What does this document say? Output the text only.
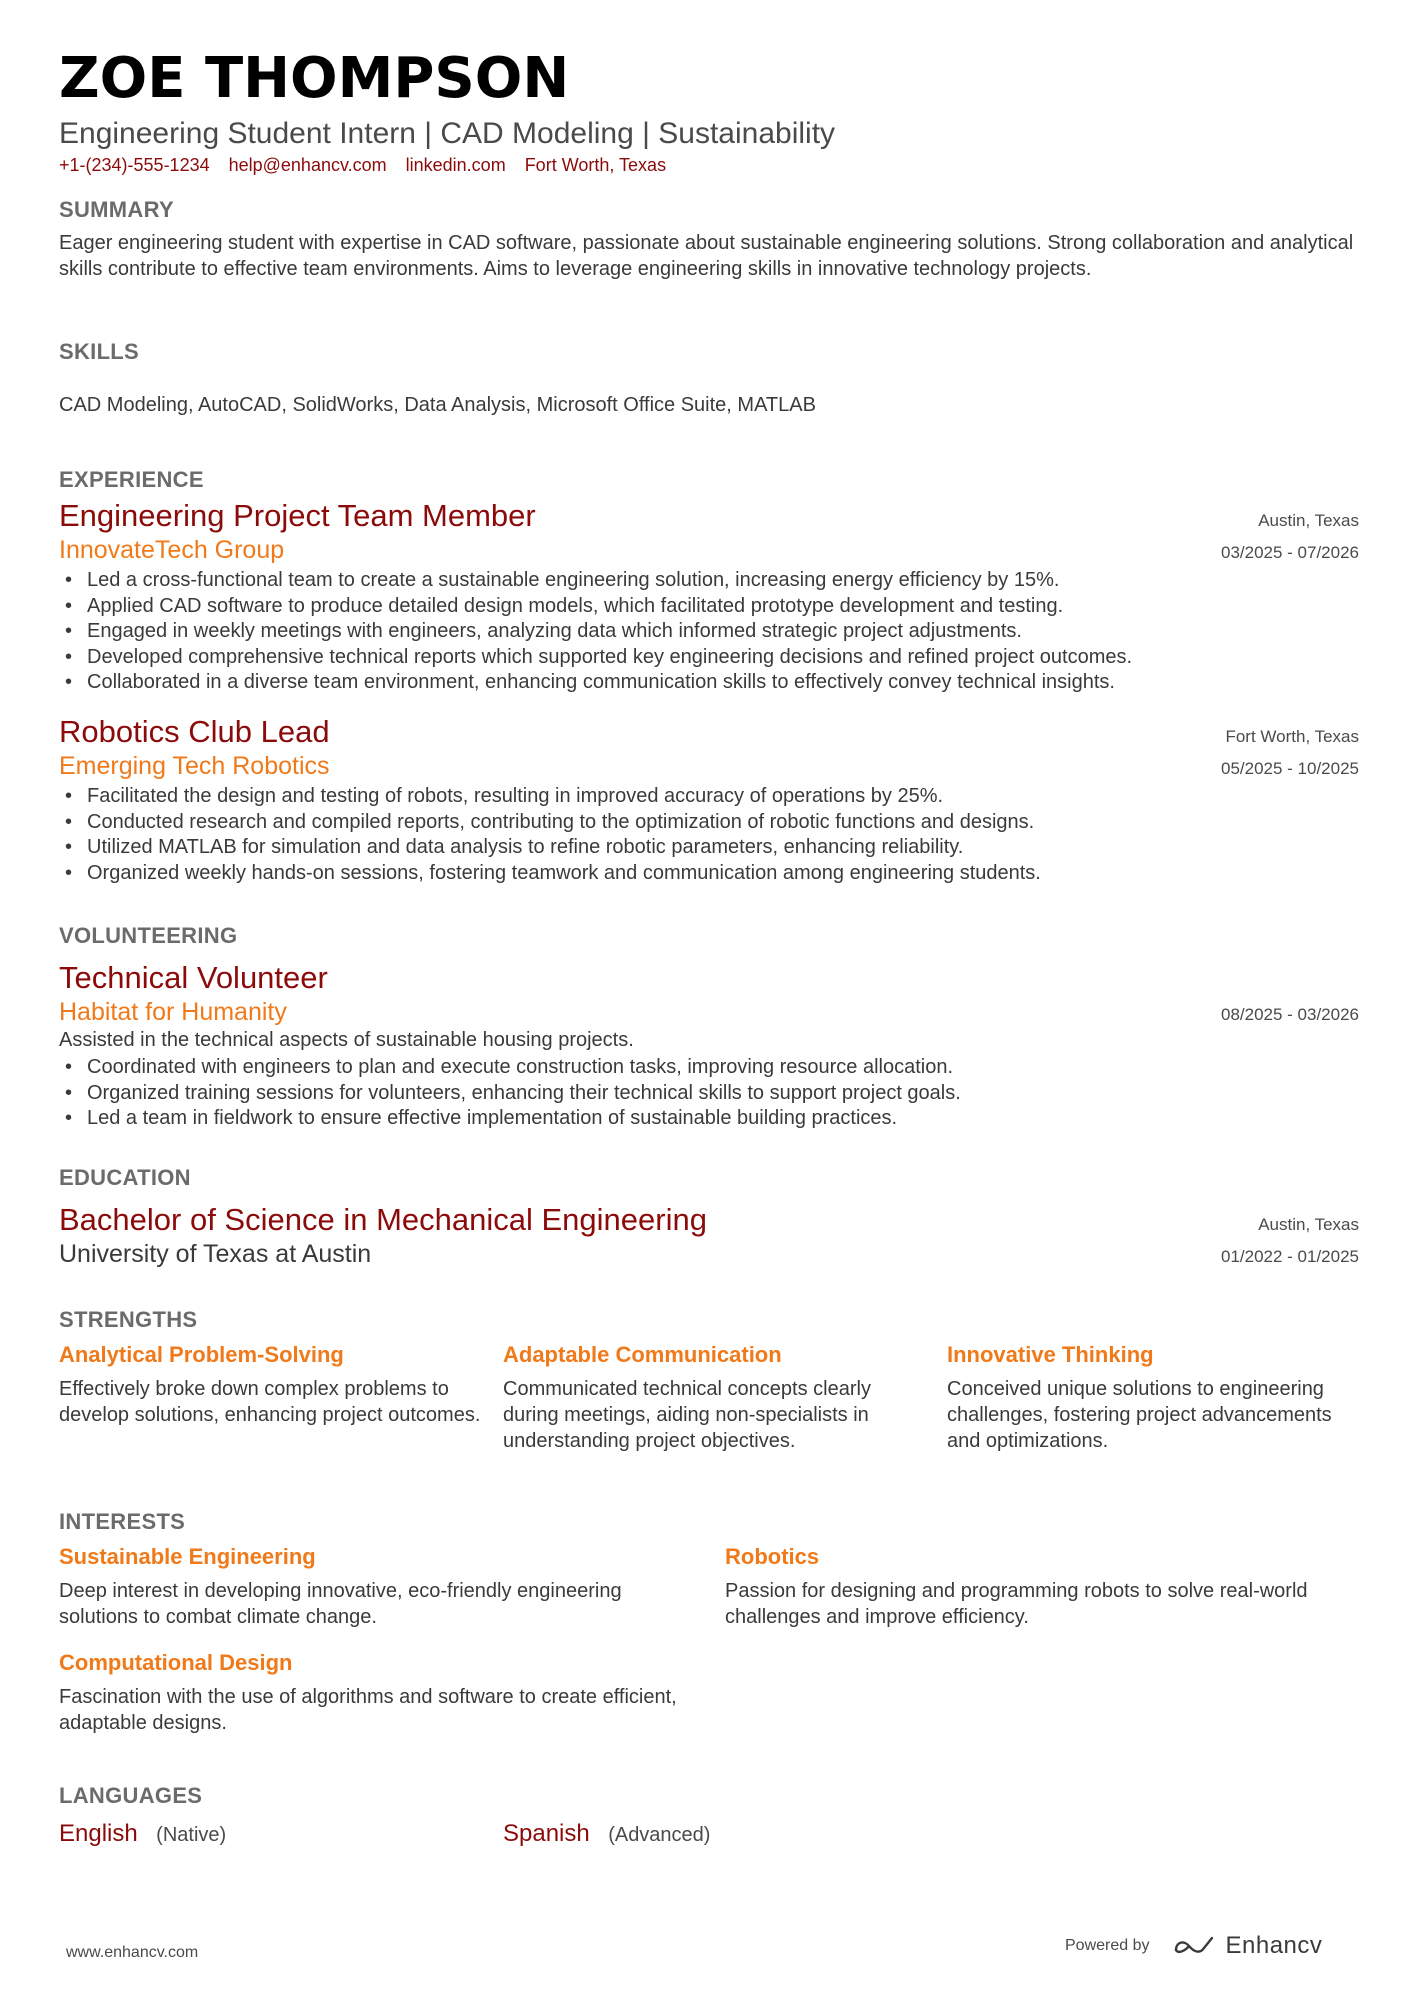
ZOE THOMPSON
Engineering Student Intern | CAD Modeling | Sustainability
+1-(234)-555-1234 help@enhancv.com linkedin.com Fort Worth, Texas
SUMMARY
Eager engineering student with expertise in CAD software, passionate about sustainable engineering solutions. Strong collaboration and analytical skills contribute to effective team environments. Aims to leverage engineering skills in innovative technology projects.
SKILLS
CAD Modeling, AutoCAD, SolidWorks, Data Analysis, Microsoft Office Suite, MATLAB
EXPERIENCE
Engineering Project Team Member	Austin, Texas
InnovateTech Group	03/2025 - 07/2026
• Led a cross-functional team to create a sustainable engineering solution, increasing energy efficiency by 15%.
• Applied CAD software to produce detailed design models, which facilitated prototype development and testing.
• Engaged in weekly meetings with engineers, analyzing data which informed strategic project adjustments.
• Developed comprehensive technical reports which supported key engineering decisions and refined project outcomes.
• Collaborated in a diverse team environment, enhancing communication skills to effectively convey technical insights.
Robotics Club Lead	Fort Worth, Texas
Emerging Tech Robotics	05/2025 - 10/2025
• Facilitated the design and testing of robots, resulting in improved accuracy of operations by 25%.
• Conducted research and compiled reports, contributing to the optimization of robotic functions and designs.
• Utilized MATLAB for simulation and data analysis to refine robotic parameters, enhancing reliability.
• Organized weekly hands-on sessions, fostering teamwork and communication among engineering students.
VOLUNTEERING
Technical Volunteer
Habitat for Humanity	08/2025 - 03/2026
Assisted in the technical aspects of sustainable housing projects.
• Coordinated with engineers to plan and execute construction tasks, improving resource allocation.
• Organized training sessions for volunteers, enhancing their technical skills to support project goals.
• Led a team in fieldwork to ensure effective implementation of sustainable building practices.
EDUCATION
Bachelor of Science in Mechanical Engineering	Austin, Texas
University of Texas at Austin	01/2022 - 01/2025
STRENGTHS
Analytical Problem-Solving
Effectively broke down complex problems to develop solutions, enhancing project outcomes.
Adaptable Communication
Communicated technical concepts clearly during meetings, aiding non-specialists in understanding project objectives.
Innovative Thinking
Conceived unique solutions to engineering challenges, fostering project advancements and optimizations.
INTERESTS
Sustainable Engineering
Deep interest in developing innovative, eco-friendly engineering solutions to combat climate change.
Robotics
Passion for designing and programming robots to solve real-world challenges and improve efficiency.
Computational Design
Fascination with the use of algorithms and software to create efficient, adaptable designs.
LANGUAGES
English (Native)	Spanish (Advanced)
www.enhancv.com	Powered by	Enhancv
